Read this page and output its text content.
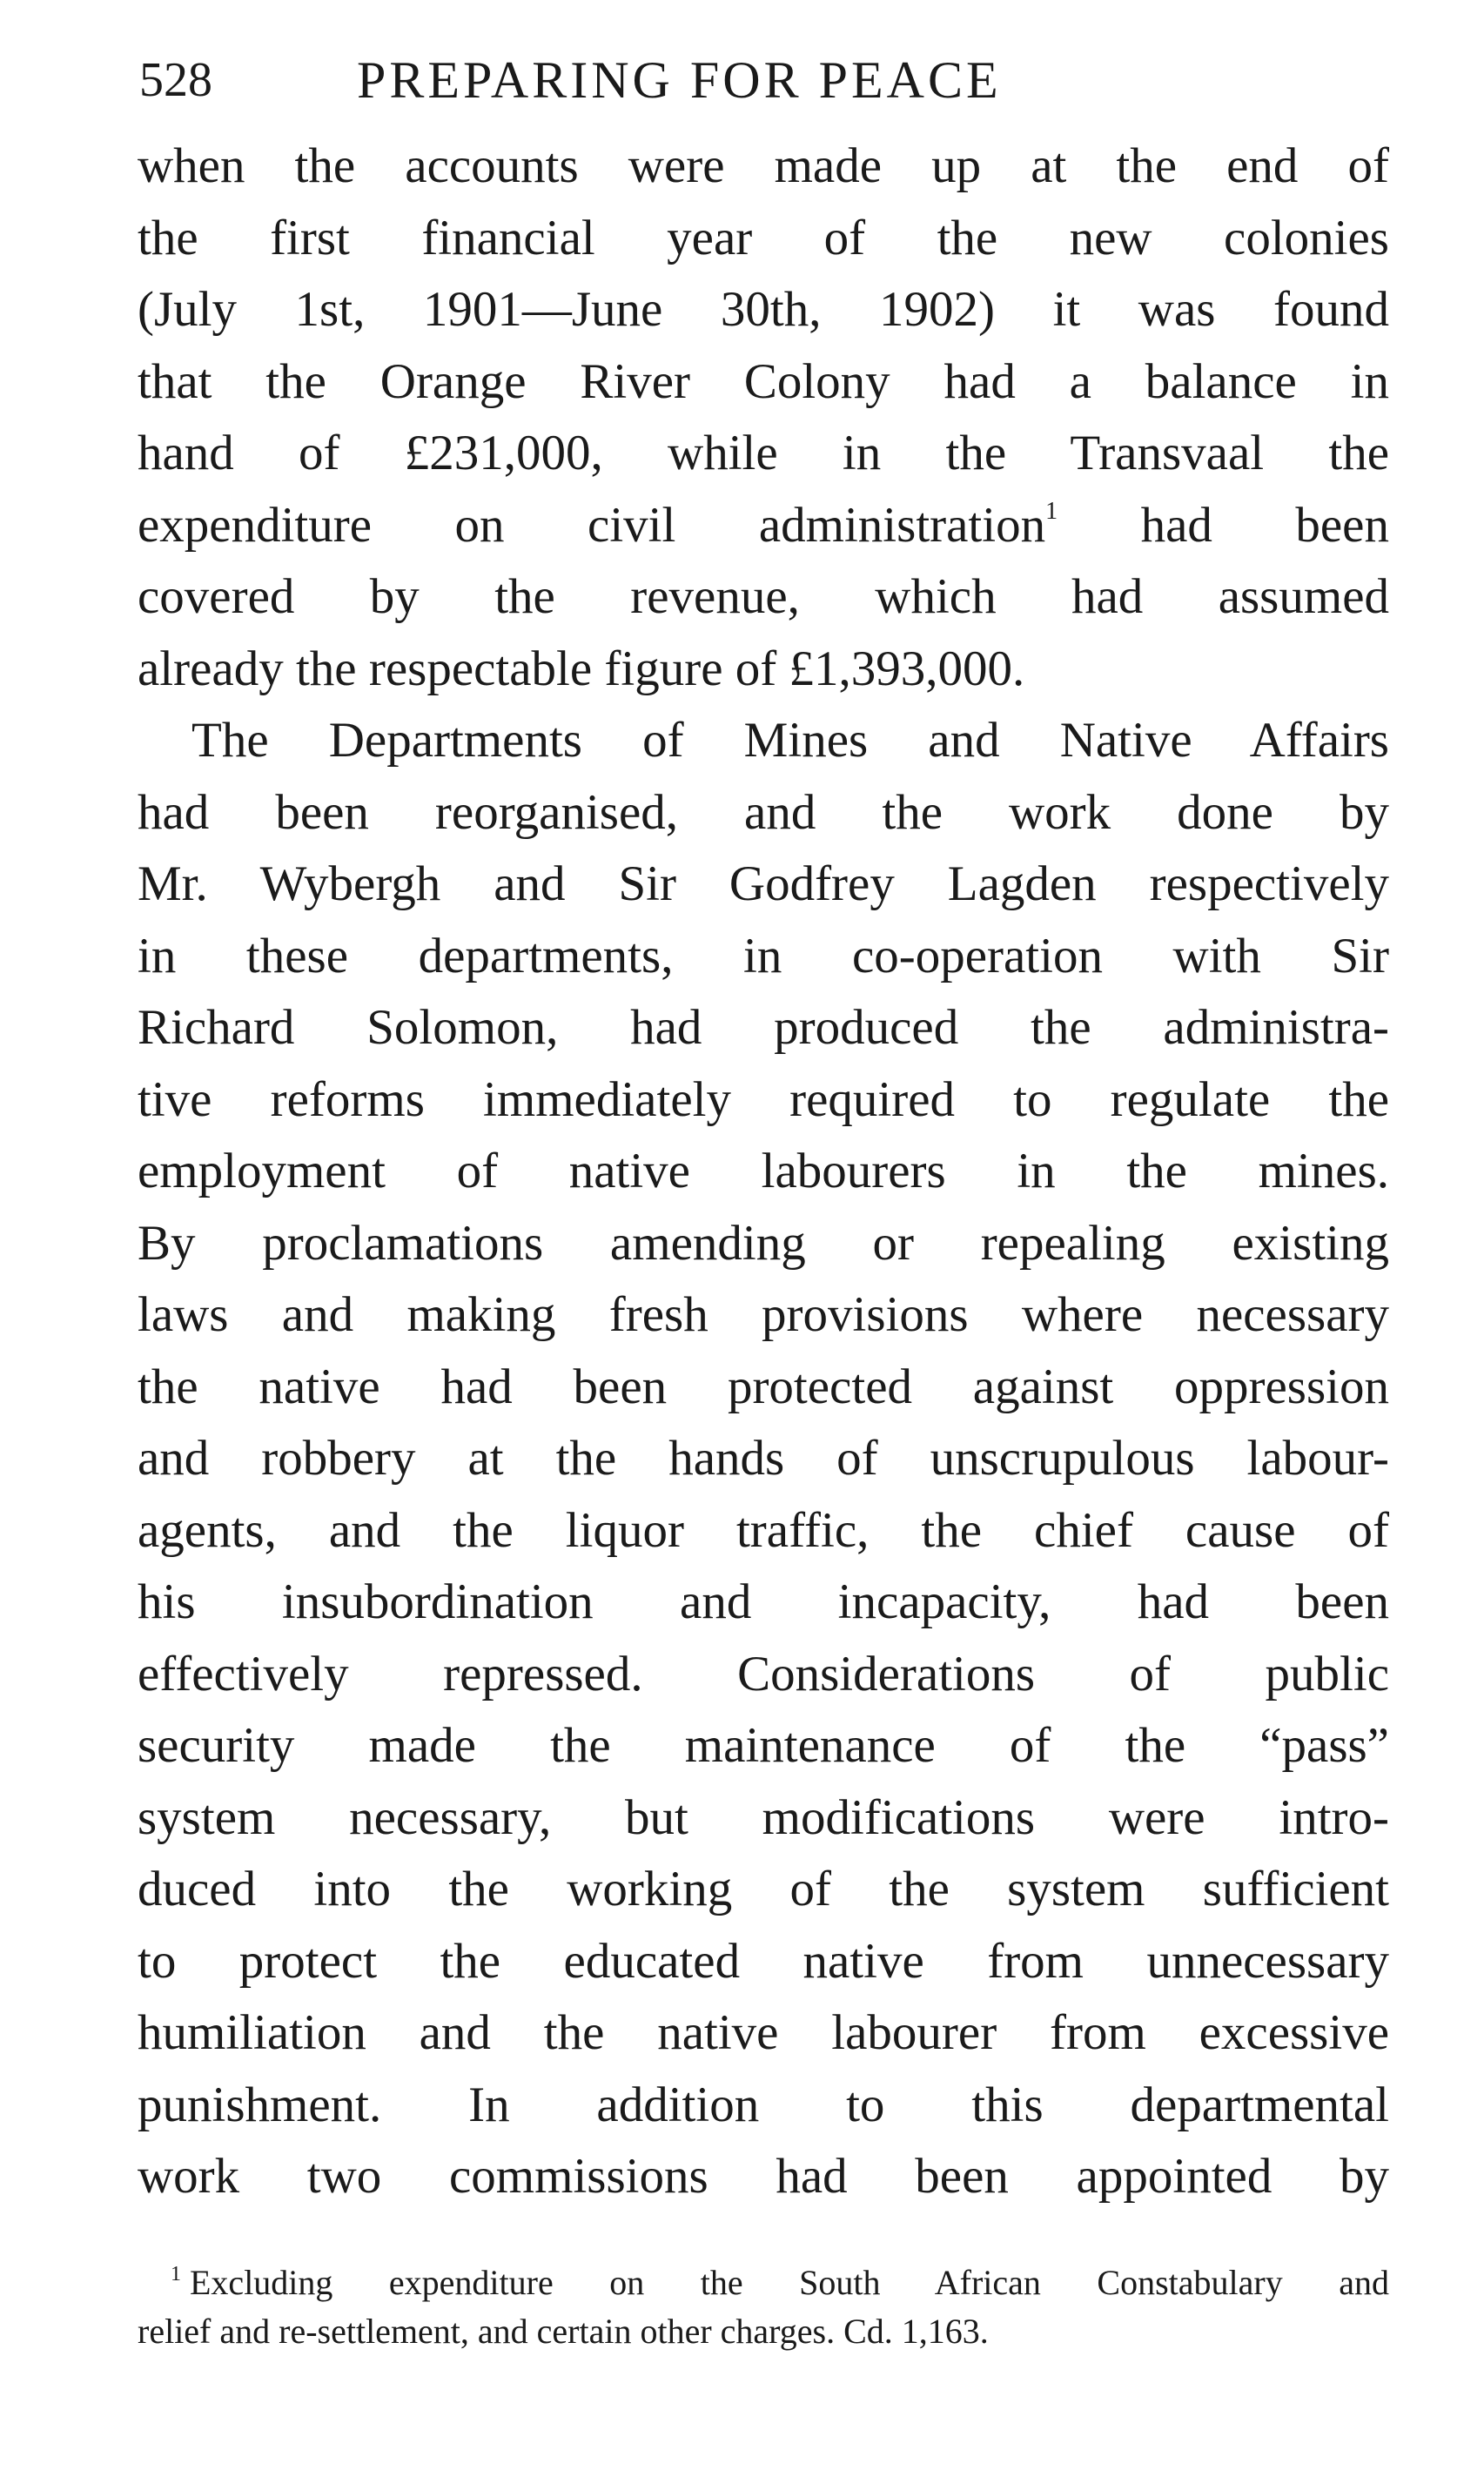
528	PREPARING FOR PEACE
when the accounts were made up at the end of
the first financial year of the new colonies
(July 1st, 1901—June 30th, 1902) it was found
that the Orange River Colony had a balance in
hand of £231,000, while in the Transvaal the
expenditure on civil administration$^1$ had been
covered by the revenue, which had assumed
already the respectable figure of £1,393,000.
The Departments of Mines and Native Affairs
had been reorganised, and the work done by
Mr. Wybergh and Sir Godfrey Lagden respectively
in these departments, in co-operation with Sir
Richard Solomon, had produced the administra-
tive reforms immediately required to regulate the
employment of native labourers in the mines.
By proclamations amending or repealing existing
laws and making fresh provisions where necessary
the native had been protected against oppression
and robbery at the hands of unscrupulous labour-
agents, and the liquor traffic, the chief cause of
his insubordination and incapacity, had been
effectively repressed. Considerations of public
security made the maintenance of the “pass”
system necessary, but modifications were intro-
duced into the working of the system sufficient
to protect the educated native from unnecessary
humiliation and the native labourer from excessive
punishment. In addition to this departmental
work two commissions had been appointed by
$^1$ Excluding expenditure on the South African Constabulary and
relief and re-settlement, and certain other charges. Cd. 1,163.
